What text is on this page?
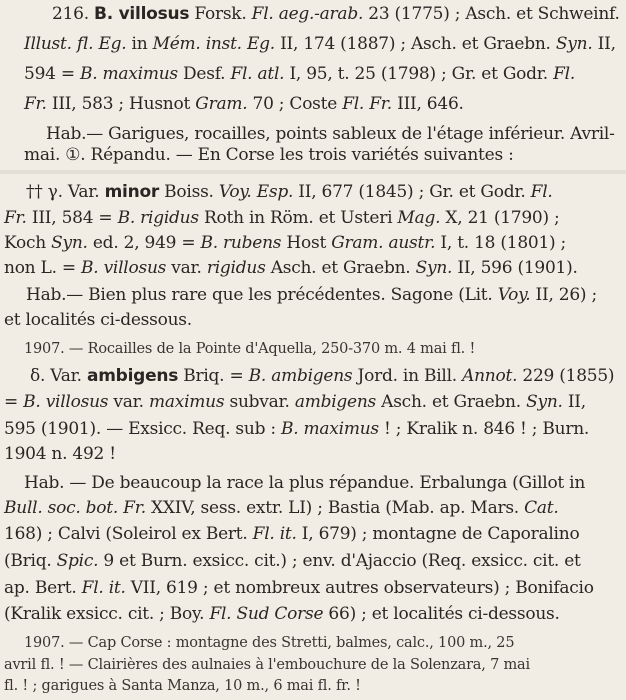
216. B. villosus Forsk. Fl. aeg.-arab. 23 (1775) ; Asch. et Schweinf.
Illust. fl. Eg. in Mém. inst. Eg. II, 174 (1887) ; Asch. et Graebn. Syn. II,
594 = B. maximus Desf. Fl. atl. I, 95, t. 25 (1798) ; Gr. et Godr. Fl.
Fr. III, 583 ; Husnot Gram. 70 ; Coste Fl. Fr. III, 646.
Hab.— Garigues, rocailles, points sableux de l'étage inférieur. Avril-
mai. ①. Répandu. — En Corse les trois variétés suivantes :
†† γ. Var. minor Boiss. Voy. Esp. II, 677 (1845) ; Gr. et Godr. Fl.
Fr. III, 584 = B. rigidus Roth in Röm. et Usteri Mag. X, 21 (1790) ;
Koch Syn. ed. 2, 949 = B. rubens Host Gram. austr. I, t. 18 (1801) ;
non L. = B. villosus var. rigidus Asch. et Graebn. Syn. II, 596 (1901).
Hab.— Bien plus rare que les précédentes. Sagone (Lit. Voy. II, 26) ;
et localités ci-dessous.
1907. — Rocailles de la Pointe d'Aquella, 250-370 m. 4 mai fl. !
δ. Var. ambigens Briq. = B. ambigens Jord. in Bill. Annot. 229 (1855)
= B. villosus var. maximus subvar. ambigens Asch. et Graebn. Syn. II,
595 (1901). — Exsicc. Req. sub : B. maximus ! ; Kralik n. 846 ! ; Burn.
1904 n. 492 !
Hab. — De beaucoup la race la plus répandue. Erbalunga (Gillot in
Bull. soc. bot. Fr. XXIV, sess. extr. LI) ; Bastia (Mab. ap. Mars. Cat.
168) ; Calvi (Soleirol ex Bert. Fl. it. I, 679) ; montagne de Caporalino
(Briq. Spic. 9 et Burn. exsicc. cit.) ; env. d'Ajaccio (Req. exsicc. cit. et
ap. Bert. Fl. it. VII, 619 ; et nombreux autres observateurs) ; Bonifacio
(Kralik exsicc. cit. ; Boy. Fl. Sud Corse 66) ; et localités ci-dessous.
1907. — Cap Corse : montagne des Stretti, balmes, calc., 100 m., 25
avril fl. ! — Clairières des aulnaies à l'embouchure de la Solenzara, 7 mai
fl. ! ; garigues à Santa Manza, 10 m., 6 mai fl. fr. !
